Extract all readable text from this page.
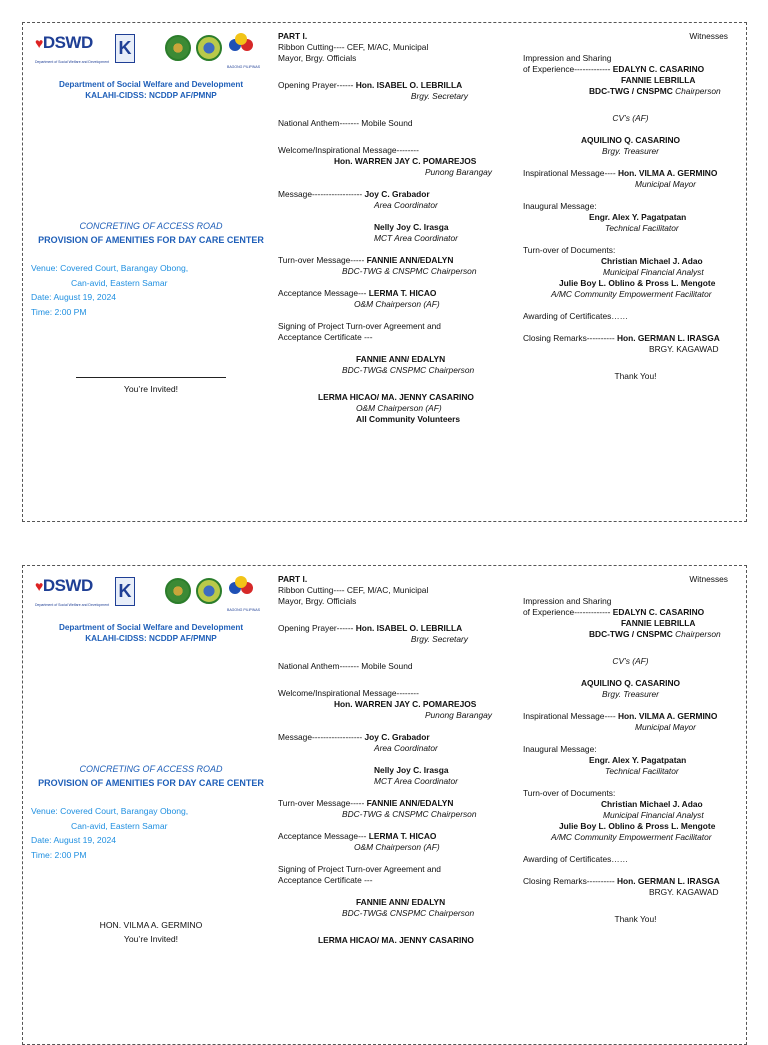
♥DSWD
Department of Social Welfare and Development
K
BAGONG PILIPINAS
Department of Social Welfare and Development
KALAHI-CIDSS: NCDDP AF/PMNP
CONCRETING OF ACCESS ROAD
PROVISION OF AMENITIES FOR DAY CARE CENTER
Venue: Covered Court, Barangay Obong,
Can-avid, Eastern Samar
Date: August 19, 2024
Time: 2:00 PM
You’re Invited!
PART I.
Ribbon Cutting---- CEF, M/AC, Municipal
Mayor, Brgy. Officials
Opening Prayer------ Hon. ISABEL O. LEBRILLA
Brgy. Secretary
National Anthem------- Mobile Sound
Welcome/Inspirational Message--------
Hon. WARREN JAY C. POMAREJOS
Punong Barangay
Message------------------ Joy C. Grabador
Area Coordinator
Nelly Joy C. Irasga
MCT Area Coordinator
Turn-over Message----- FANNIE ANN/EDALYN
BDC-TWG & CNSPMC Chairperson
Acceptance Message--- LERMA T. HICAO
O&M Chairperson (AF)
Signing of Project Turn-over Agreement and
Acceptance Certificate ---
FANNIE ANN/ EDALYN
BDC-TWG& CNSPMC Chairperson
LERMA HICAO/ MA. JENNY CASARINO
O&M Chairperson (AF)
All Community Volunteers
Witnesses
Impression and Sharing
of Experience------------- EDALYN C. CASARINO
FANNIE LEBRILLA
BDC-TWG / CNSPMC Chairperson
CV’s (AF)
AQUILINO Q. CASARINO
Brgy. Treasurer
Inspirational Message---- Hon. VILMA A. GERMINO
Municipal Mayor
Inaugural Message:
Engr. Alex Y. Pagatpatan
Technical Facilitator
Turn-over of Documents:
Christian Michael J. Adao
Municipal Financial Analyst
Julie Boy L. Oblino & Pross L. Mengote
A/MC Community Empowerment Facilitator
Awarding of Certificates……
Closing Remarks---------- Hon. GERMAN L. IRASGA
BRGY. KAGAWAD
Thank You!
♥DSWD
Department of Social Welfare and Development
K
BAGONG PILIPINAS
Department of Social Welfare and Development
KALAHI-CIDSS: NCDDP AF/PMNP
CONCRETING OF ACCESS ROAD
PROVISION OF AMENITIES FOR DAY CARE CENTER
Venue: Covered Court, Barangay Obong,
Can-avid, Eastern Samar
Date: August 19, 2024
Time: 2:00 PM
HON. VILMA A. GERMINO
You’re Invited!
PART I.
Ribbon Cutting---- CEF, M/AC, Municipal
Mayor, Brgy. Officials
Opening Prayer------ Hon. ISABEL O. LEBRILLA
Brgy. Secretary
National Anthem------- Mobile Sound
Welcome/Inspirational Message--------
Hon. WARREN JAY C. POMAREJOS
Punong Barangay
Message------------------ Joy C. Grabador
Area Coordinator
Nelly Joy C. Irasga
MCT Area Coordinator
Turn-over Message----- FANNIE ANN/EDALYN
BDC-TWG & CNSPMC Chairperson
Acceptance Message--- LERMA T. HICAO
O&M Chairperson (AF)
Signing of Project Turn-over Agreement and
Acceptance Certificate ---
FANNIE ANN/ EDALYN
BDC-TWG& CNSPMC Chairperson
LERMA HICAO/ MA. JENNY CASARINO
Witnesses
Impression and Sharing
of Experience------------- EDALYN C. CASARINO
FANNIE LEBRILLA
BDC-TWG / CNSPMC Chairperson
CV’s (AF)
AQUILINO Q. CASARINO
Brgy. Treasurer
Inspirational Message---- Hon. VILMA A. GERMINO
Municipal Mayor
Inaugural Message:
Engr. Alex Y. Pagatpatan
Technical Facilitator
Turn-over of Documents:
Christian Michael J. Adao
Municipal Financial Analyst
Julie Boy L. Oblino & Pross L. Mengote
A/MC Community Empowerment Facilitator
Awarding of Certificates……
Closing Remarks---------- Hon. GERMAN L. IRASGA
BRGY. KAGAWAD
Thank You!
